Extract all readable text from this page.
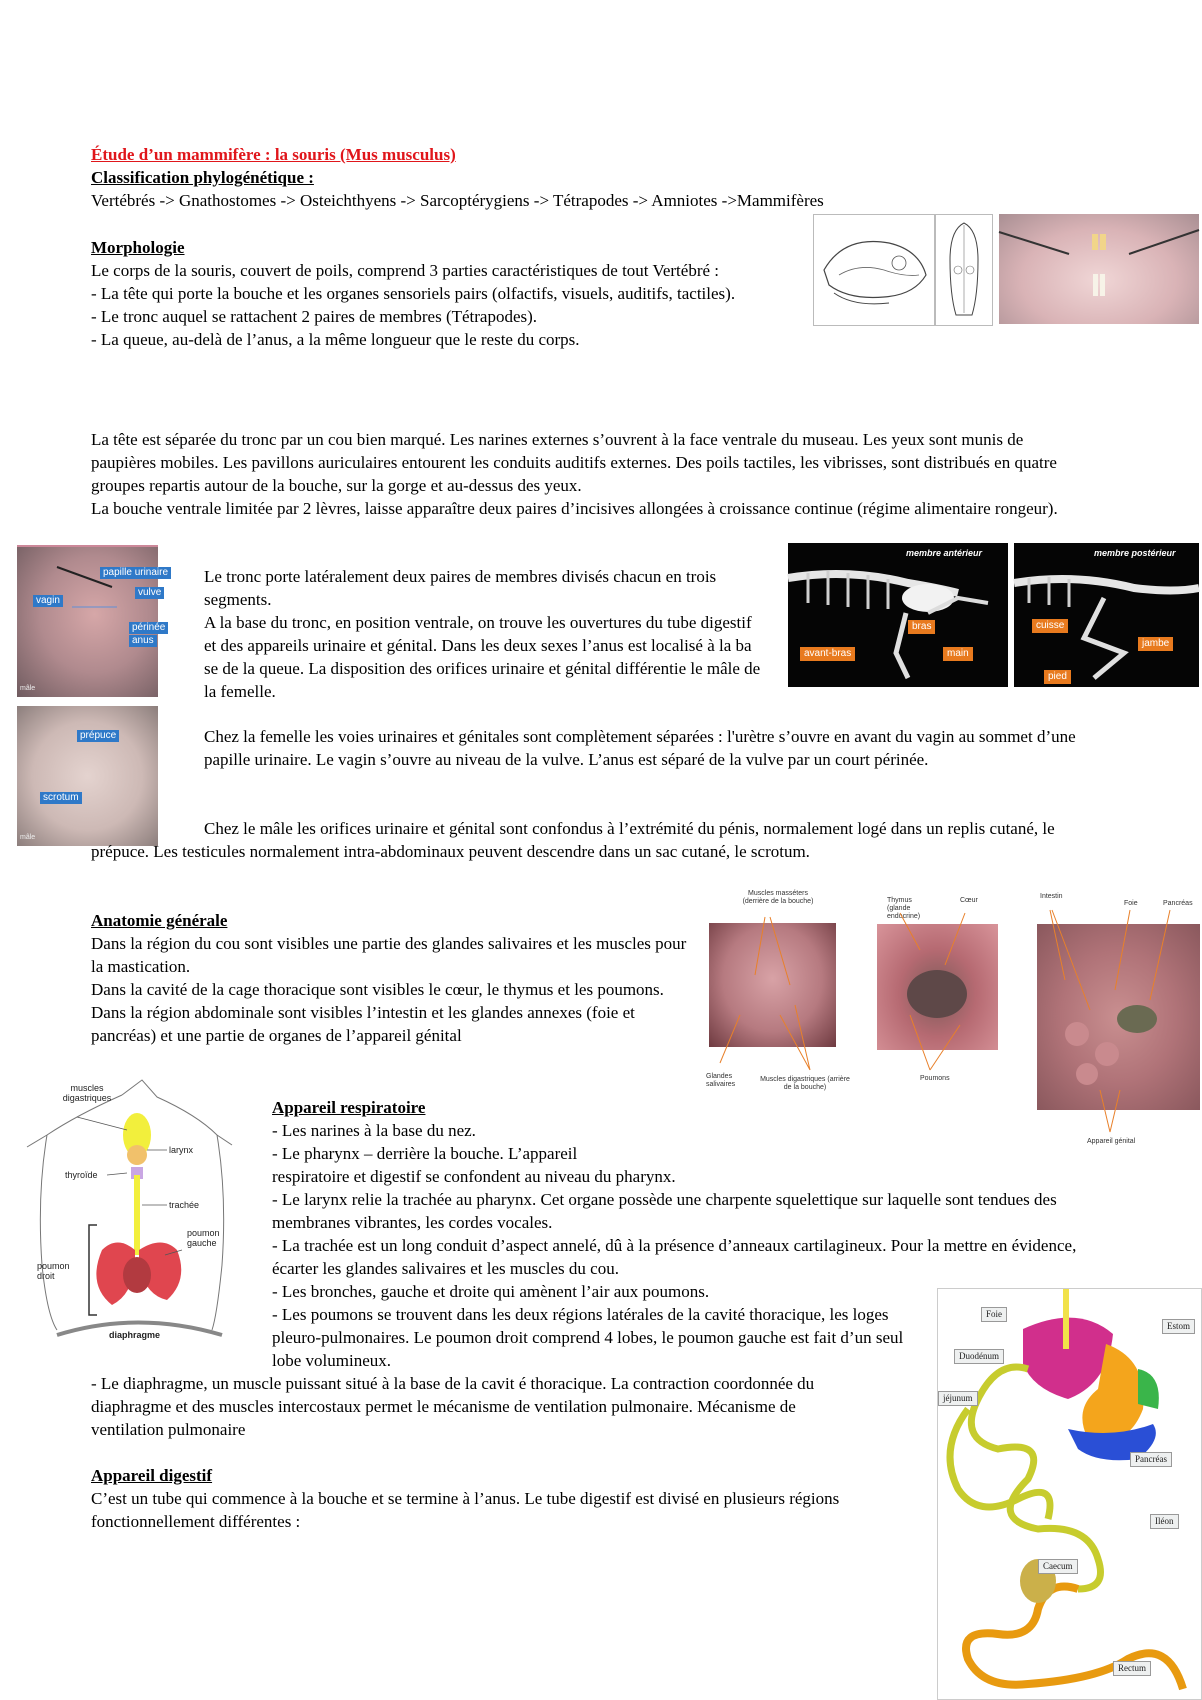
Étude d’un mammifère : la souris (Mus musculus)
Classification phylogénétique :

Vertébrés -> Gnathostomes -> Osteichthyens -> Sarcoptérygiens -> Tétrapodes -> Amniotes ->Mammifères

Morphologie

Le corps de la souris, couvert de poils, comprend 3 parties caractéristiques de tout Vertébré :

- La tête qui porte la bouche et les organes sensoriels pairs (olfactifs, visuels, auditifs, tactiles).

- Le tronc auquel se rattachent 2 paires de membres (Tétrapodes).

- La queue, au-delà de l’anus, a la même longueur que le reste du corps.

La tête est séparée du tronc par un cou bien marqué. Les narines externes s’ouvrent à la face ventrale du museau. Les yeux sont munis de paupières mobiles. Les pavillons auriculaires entourent les conduits auditifs externes. Des poils tactiles, les vibrisses, sont distribués en quatre groupes repartis autour de la bouche, sur la gorge et au-dessus des yeux.

La bouche ventrale limitée par 2 lèvres, laisse apparaître deux paires d’incisives allongées à croissance continue (régime alimentaire rongeur).

papille urinaire
vulve
vagin
périnée
anus
mâle
prépuce
scrotum
mâle

Le tronc porte latéralement deux paires de membres divisés chacun en trois segments.

A la base du tronc, en position ventrale, on trouve les ouvertures du tube digestif et des appareils urinaire et génital. Dans les deux sexes l’anus est localisé à la ba se de la queue. La disposition des orifices urinaire et génital différentie le mâle de la femelle.

membre antérieur
bras
avant-bras	main
membre postérieur
cuisse
jambe
pied

Chez la femelle les voies urinaires et génitales sont complètement séparées : l'urètre s’ouvre en avant du vagin au sommet d’une papille urinaire. Le vagin s’ouvre au niveau de la vulve. L’anus est séparé de la vulve par un court périnée.

Chez le mâle les orifices urinaire et génital sont confondus à l’extrémité du pénis, normalement logé dans un replis cutané, le prépuce. Les testicules normalement intra-abdominaux peuvent descendre dans un sac cutané, le scrotum.

Anatomie générale

Dans la région du cou sont visibles une partie des glandes salivaires et les muscles pour la mastication.

Dans la cavité de la cage thoracique sont visibles le cœur, le thymus et les poumons.

Dans la région abdominale sont visibles l’intestin et les glandes annexes (foie et pancréas) et une partie de organes de l’appareil génital

Muscles masséters (derrière de la bouche)
Glandes salivaires
Muscles digastriques (arrière de la bouche)
Thymus (glande endocrine)
Cœur
Poumons
Intestin
Foie	Pancréas
Appareil génital
muscles digastriques
larynx
thyroïde
trachée
poumon gauche
poumon droit
diaphragme
Appareil respiratoire

- Les narines à la base du nez.

- Le pharynx – derrière la bouche. L’appareil

respiratoire et digestif se confondent au niveau du pharynx.

- Le larynx relie la trachée au pharynx. Cet organe possède une charpente squelettique sur laquelle sont tendues des membranes vibrantes, les cordes vocales.

- La trachée est un long conduit d’aspect annelé, dû à la présence d’anneaux cartilagineux. Pour la mettre en évidence, écarter les glandes salivaires et les muscles du cou.

- Les bronches, gauche et droite qui amènent l’air aux poumons.

- Les poumons se trouvent dans les deux régions latérales de la cavité thoracique, les loges pleuro-pulmonaires. Le poumon droit comprend 4 lobes, le poumon gauche est fait d’un seul lobe volumineux.

- Le diaphragme, un muscle puissant situé à la base de la cavit é thoracique. La contraction coordonnée du diaphragme et des muscles intercostaux permet le mécanisme de ventilation pulmonaire. Mécanisme de ventilation pulmonaire

Appareil digestif

C’est un tube qui commence à la bouche et se termine à l’anus. Le tube digestif est divisé en plusieurs régions fonctionnellement différentes :

Foie
Estom
Duodénum
jéjunum
Pancréas
Iléon
Caecum
Rectum
